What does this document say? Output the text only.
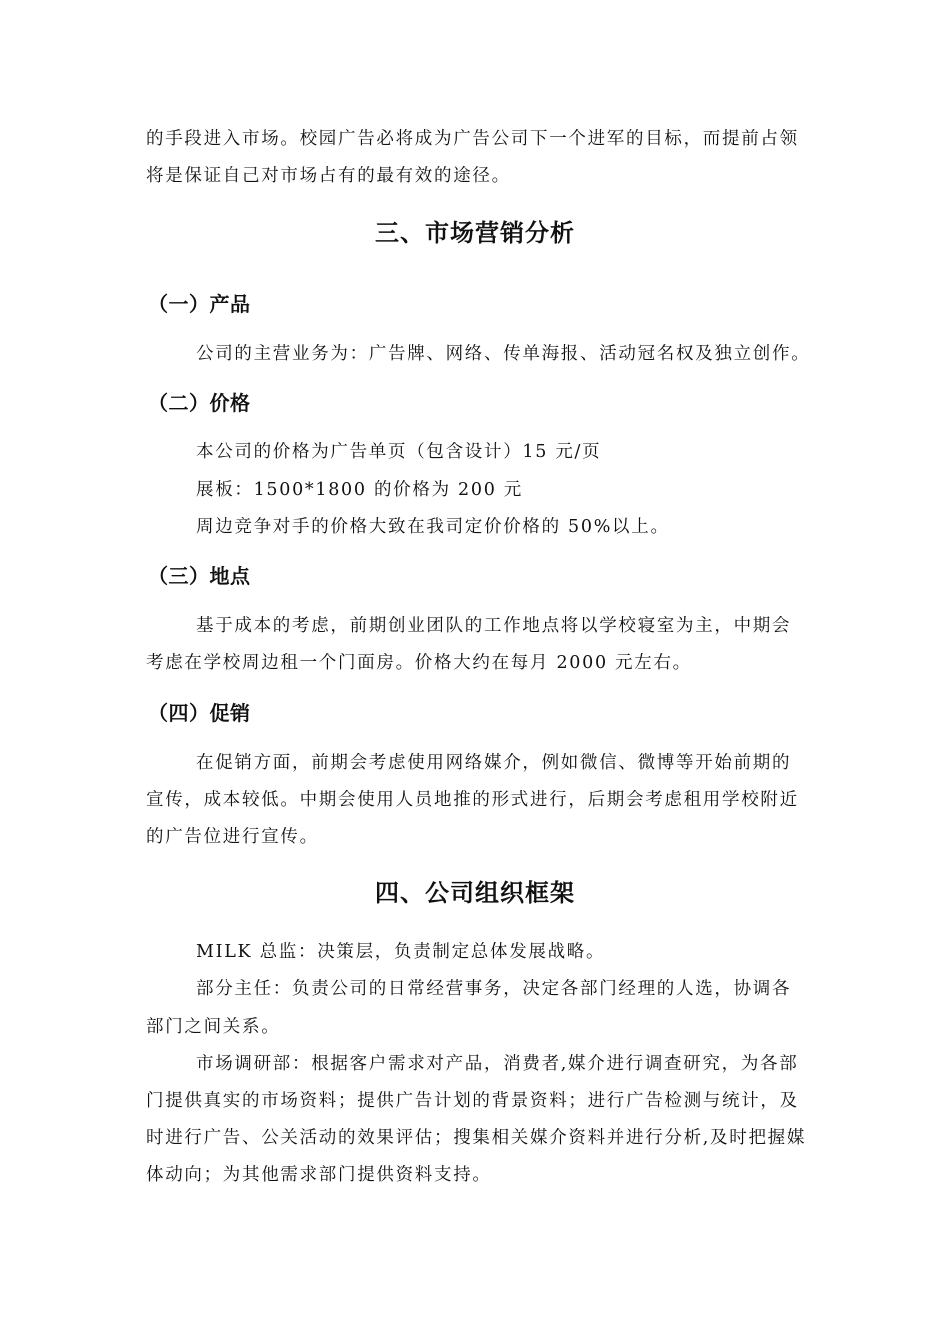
的手段进入市场。校园广告必将成为广告公司下一个进军的目标，而提前占领
将是保证自己对市场占有的最有效的途径。
三、市场营销分析
（一）产品
公司的主营业务为：广告牌、网络、传单海报、活动冠名权及独立创作。
（二）价格
本公司的价格为广告单页（包含设计）15 元/页
展板：1500*1800 的价格为 200 元
周边竞争对手的价格大致在我司定价价格的 50%以上。
（三）地点
基于成本的考虑，前期创业团队的工作地点将以学校寝室为主，中期会
考虑在学校周边租一个门面房。价格大约在每月 2000 元左右。
（四）促销
在促销方面，前期会考虑使用网络媒介，例如微信、微博等开始前期的
宣传，成本较低。中期会使用人员地推的形式进行，后期会考虑租用学校附近
的广告位进行宣传。
四、公司组织框架
MILK 总监：决策层，负责制定总体发展战略。
部分主任：负责公司的日常经营事务，决定各部门经理的人选，协调各
部门之间关系。
市场调研部：根据客户需求对产品，消费者,媒介进行调查研究，为各部
门提供真实的市场资料；提供广告计划的背景资料；进行广告检测与统计，及
时进行广告、公关活动的效果评估；搜集相关媒介资料并进行分析,及时把握媒
体动向；为其他需求部门提供资料支持。
